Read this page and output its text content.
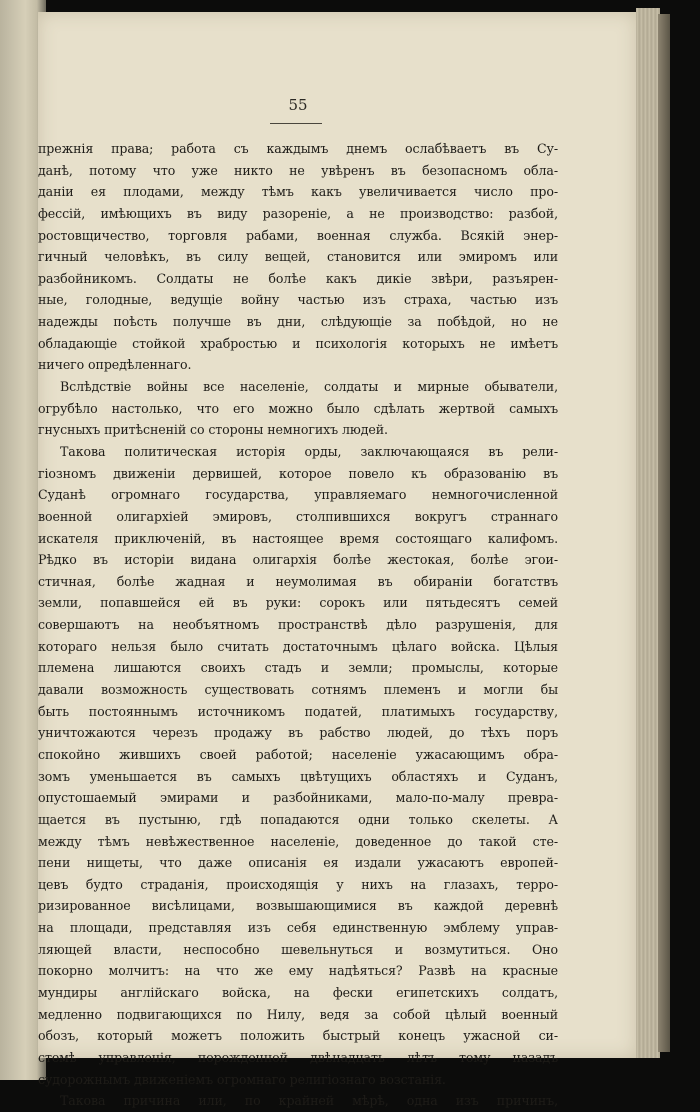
55
прежнія права; работа съ каждымъ днемъ ослабѣваетъ въ Су-
данѣ, потому что уже никто не увѣренъ въ безопасномъ обла-
даніи ея плодами, между тѣмъ какъ увеличивается число про-
фессій, имѣющихъ въ виду разореніе, а не производство: разбой,
ростовщичество, торговля рабами, военная служба. Всякій энер-
гичный человѣкъ, въ силу вещей, становится или эмиромъ или
разбойникомъ. Солдаты не болѣе какъ дикіе звѣри, разъярен-
ные, голодные, ведущіе войну частью изъ страха, частью изъ
надежды поѣсть получше въ дни, слѣдующіе за побѣдой, но не
обладающіе стойкой храбростью и психологія которыхъ не имѣетъ
ничего опредѣленнаго.
Вслѣдствіе войны все населеніе, солдаты и мирные обыватели,
огрубѣло настолько, что его можно было сдѣлать жертвой самыхъ
гнусныхъ притѣсненій со стороны немногихъ людей.
Такова политическая исторія орды, заключающаяся въ рели-
гіозномъ движеніи дервишей, которое повело къ образованію въ
Суданѣ огромнаго государства, управляемаго немногочисленной
военной олигархіей эмировъ, столпившихся вокругъ страннаго
искателя приключеній, въ настоящее время состоящаго калифомъ.
Рѣдко въ исторіи видана олигархія болѣе жестокая, болѣе эгои-
стичная, болѣе жадная и неумолимая въ обираніи богатствъ
земли, попавшейся ей въ руки: сорокъ или пятьдесятъ семей
совершаютъ на необъятномъ пространствѣ дѣло разрушенія, для
котораго нельзя было считать достаточнымъ цѣлаго войска. Цѣлыя
племена лишаются своихъ стадъ и земли; промыслы, которые
давали возможность существовать сотнямъ племенъ и могли бы
быть постояннымъ источникомъ податей, платимыхъ государству,
уничтожаются черезъ продажу въ рабство людей, до тѣхъ поръ
спокойно жившихъ своей работой; населеніе ужасающимъ обра-
зомъ уменьшается въ самыхъ цвѣтущихъ областяхъ и Суданъ,
опустошаемый эмирами и разбойниками, мало-по-малу превра-
щается въ пустыню, гдѣ попадаются одни только скелеты. А
между тѣмъ невѣжественное населеніе, доведенное до такой сте-
пени нищеты, что даже описанія ея издали ужасаютъ европей-
цевъ будто страданія, происходящія у нихъ на глазахъ, терро-
ризированное висѣлицами, возвышающимися въ каждой деревнѣ
на площади, представляя изъ себя единственную эмблему управ-
ляющей власти, неспособно шевельнуться и возмутиться. Оно
покорно молчитъ: на что же ему надѣяться? Развѣ на красные
мундиры англійскаго войска, на фески египетскихъ солдатъ,
медленно подвигающихся по Нилу, ведя за собой цѣлый военный
обозъ, который можетъ положить быстрый конецъ ужасной си-
стемѣ управленія, порожденной двѣнадцать лѣтъ тому назадъ
судорожнымъ движеніемъ огромнаго религіознаго возстанія.
Такова причина или, по крайней мѣрѣ, одна изъ причинъ,
